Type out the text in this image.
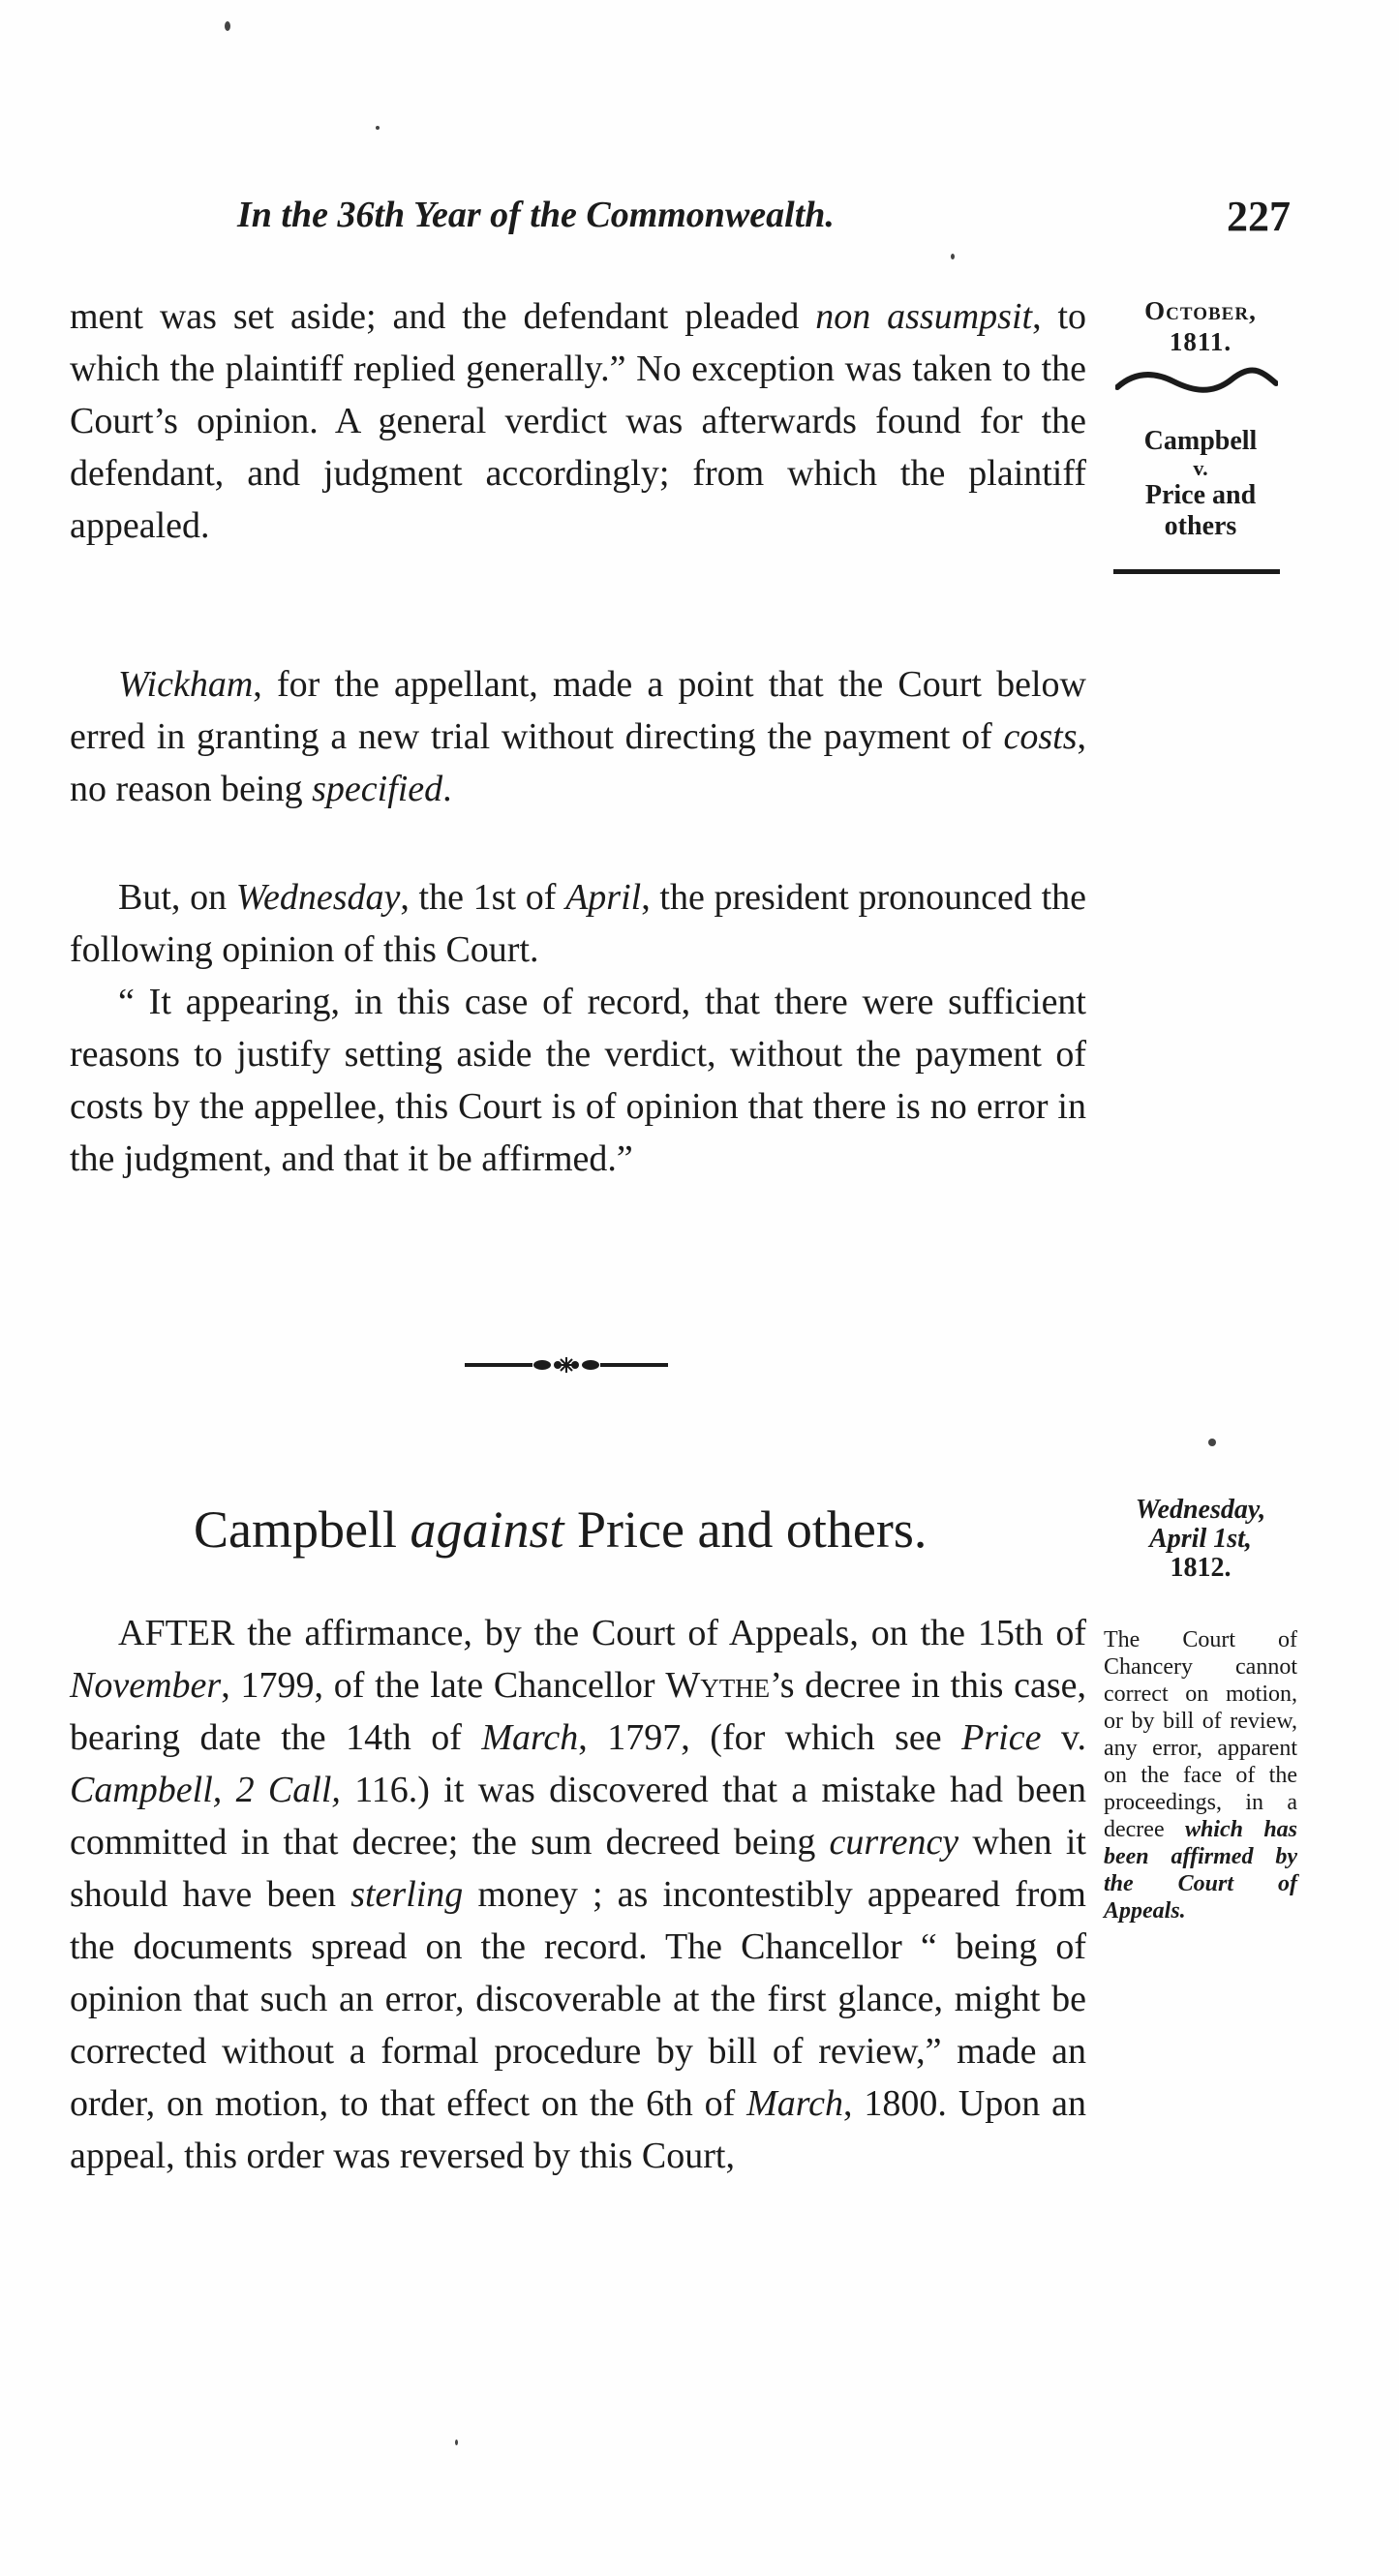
In the 36th Year of the Commonwealth.	227

ment was set aside; and the defendant pleaded non assumpsit, to which the plaintiff replied generally.” No exception was taken to the Court’s opinion. A general verdict was afterwards found for the defendant, and judgment accordingly; from which the plaintiff appealed.

Wickham, for the appellant, made a point that the Court below erred in granting a new trial without directing the payment of costs, no reason being specified.

But, on Wednesday, the 1st of April, the president pronounced the following opinion of this Court.

“ It appearing, in this case of record, that there were sufficient reasons to justify setting aside the verdict, without the payment of costs by the appellee, this Court is of opinion that there is no error in the judgment, and that it be affirmed.”

Campbell against Price and others.

AFTER the affirmance, by the Court of Appeals, on the 15th of November, 1799, of the late Chancellor Wythe’s decree in this case, bearing date the 14th of March, 1797, (for which see Price v. Campbell, 2 Call, 116.) it was discovered that a mistake had been committed in that decree; the sum decreed being currency when it should have been sterling money ; as incontestibly appeared from the documents spread on the record. The Chancellor “ being of opinion that such an error, discoverable at the first glance, might be corrected without a formal procedure by bill of review,” made an order, on motion, to that effect on the 6th of March, 1800. Upon an appeal, this order was reversed by this Court,

October,
1811.
Campbell
v.
Price and
others
Wednesday,
April 1st,
1812.
The Court of Chancery cannot correct on motion, or by bill of review, any error, apparent on the face of the proceedings, in a decree which has been affirmed by the Court of Appeals.
